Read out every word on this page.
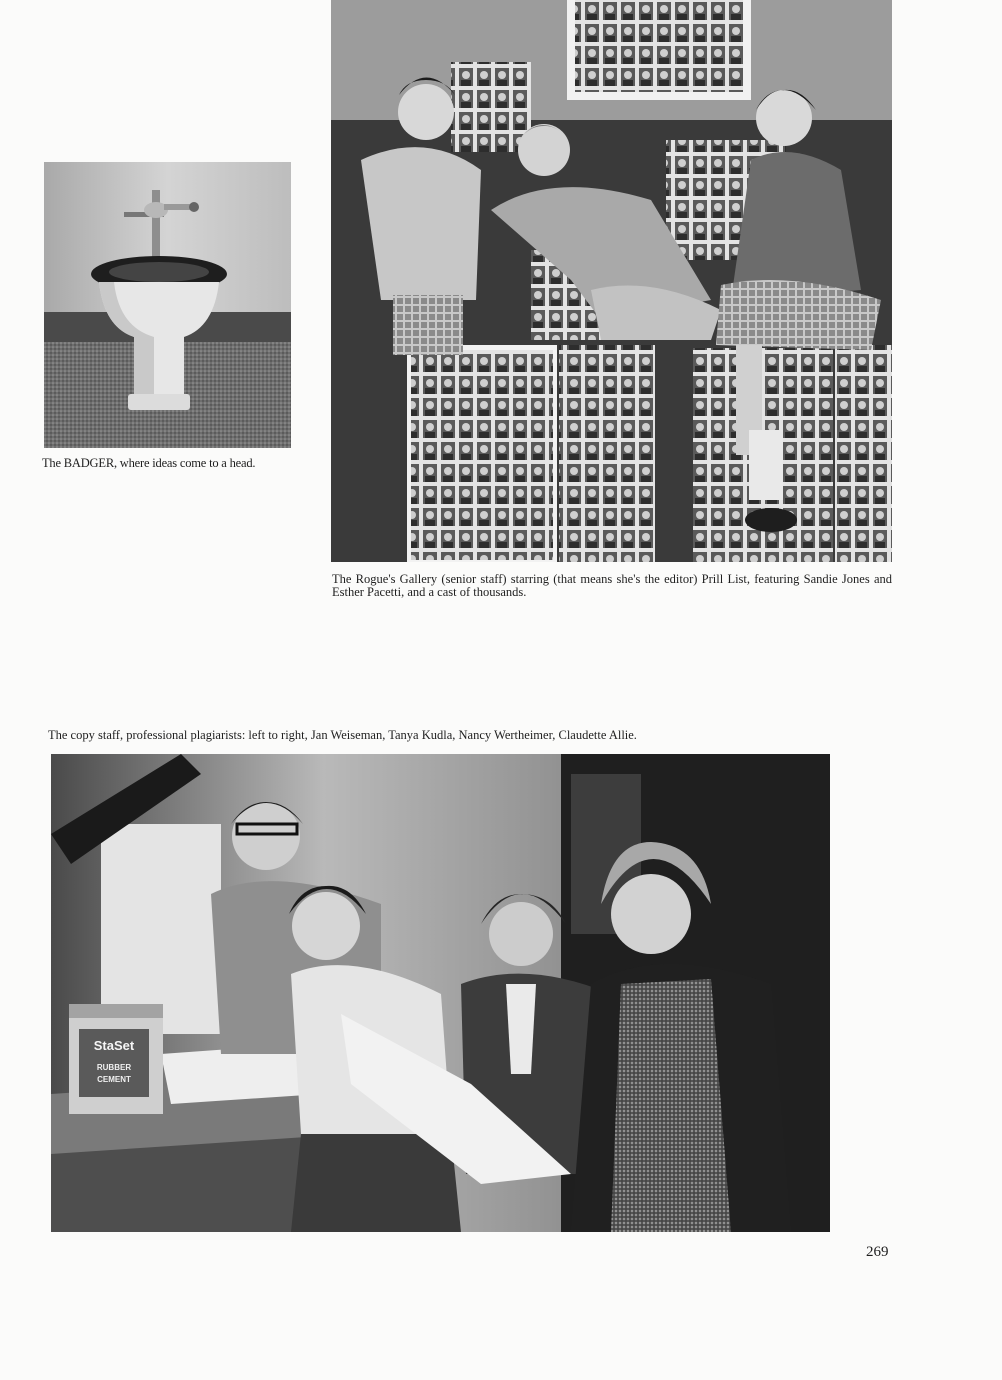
The BADGER, where ideas come to a head.

The Rogue's Gallery (senior staff) starring (that means she's the editor) Prill List, featuring Sandie Jones and Esther Pacetti, and a cast of thousands.

The copy staff, professional plagiarists: left to right, Jan Weiseman, Tanya Kudla, Nancy Wertheimer, Claudette Allie.

StaSet
RUBBER
CEMENT

269
